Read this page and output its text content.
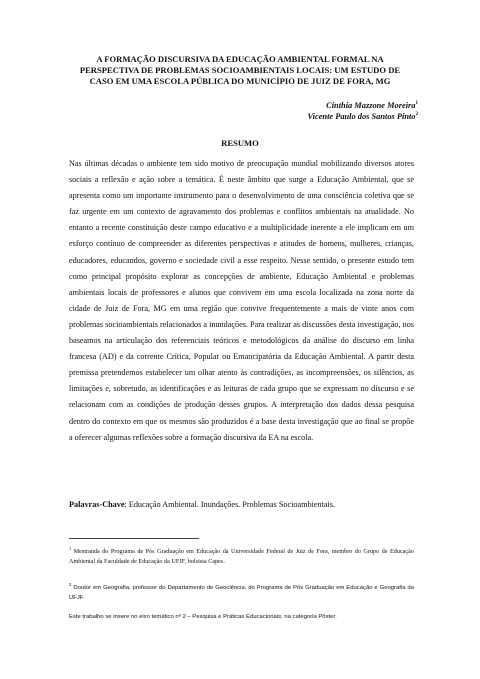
A FORMAÇÃO DISCURSIVA DA EDUCAÇÃO AMBIENTAL FORMAL NA PERSPECTIVA DE PROBLEMAS SOCIOAMBIENTAIS LOCAIS: UM ESTUDO DE CASO EM UMA ESCOLA PÚBLICA DO MUNICÍPIO DE JUIZ DE FORA, MG
Cinthia Mazzone Moreira$^1$
Vicente Paulo dos Santos Pinto$^2$
RESUMO

Nas últimas décadas o ambiente tem sido motivo de preocupação mundial mobilizando diversos atores sociais a reflexão e ação sobre a temática. É neste âmbito que surge a Educação Ambiental, que se apresenta como um importante instrumento para o desenvolvimento de uma consciência coletiva que se faz urgente em um contexto de agravamento dos problemas e conflitos ambientais na atualidade. No entanto a recente constituição deste campo educativo e a multiplicidade inerente a ele implicam em um esforço contínuo de compreender as diferentes perspectivas e atitudes de homens, mulheres, crianças, educadores, educandos, governo e sociedade civil a esse respeito. Nesse sentido, o presente estudo tem como principal propósito explorar as concepções de ambiente, Educação Ambiental e problemas ambientais locais de professores e alunos que convivem em uma escola localizada na zona norte da cidade de Juiz de Fora, MG em uma região que convive frequentemente a mais de vinte anos com problemas socioambientais relacionados a inundações. Para realizar as discussões desta investigação, nos baseamos na articulação dos referenciais teóricos e metodológicos da análise do discurso em linha francesa (AD) e da corrente Crítica, Popular ou Emancipatória da Educação Ambiental. A partir desta premissa pretendemos estabelecer um olhar atento às contradições, as incompreensões, os silêncios, as limitações e, sobretudo, as identificações e as leituras de cada grupo que se expressam no discurso e se relacionam com as condições de produção desses grupos. A interpretação dos dados dessa pesquisa dentro do contexto em que os mesmos são produzidos é a base desta investigação que ao final se propõe a oferecer algumas reflexões sobre a formação discursiva da EA na escola.

Palavras-Chave: Educação Ambiental. Inundações. Problemas Socioambientais.

$^1$ Mestranda do Programa de Pós Graduação em Educação da Universidade Federal de Juiz de Fora, membro do Grupo de Educação Ambiental da Faculdade de Educação da UFJF, bolsista Capes.

$^2$ Doutor em Geografia, professor do Departamento de Geociência, do Programa de Pós Graduação em Educação e Geografia da UFJF.

Este trabalho se insere no eixo temático nº 2 – Pesquisa e Práticas Educacionais, na categoria Pôster.
